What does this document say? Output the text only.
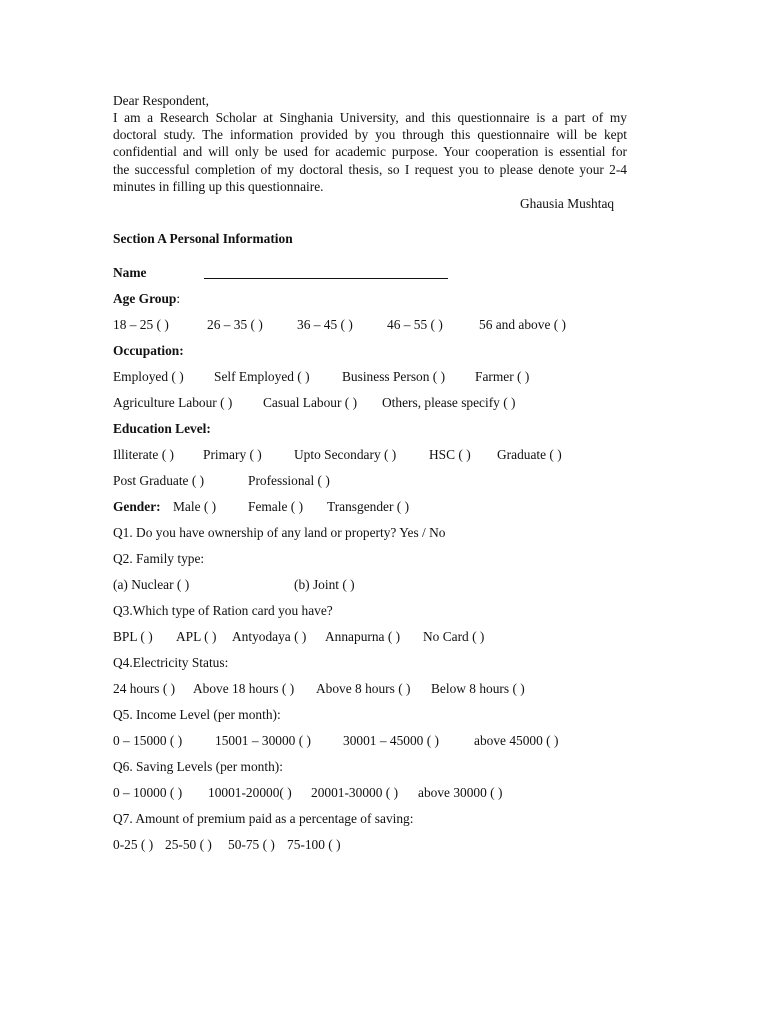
Dear Respondent,
I am a Research Scholar at Singhania University, and this questionnaire is a part of my
doctoral study. The information provided by you through this questionnaire will be kept
confidential and will only be used for academic purpose. Your cooperation is essential for
the successful completion of my doctoral thesis, so I request you to please denote your 2-4
minutes in filling up this questionnaire.
Ghausia Mushtaq
Section A Personal Information
Name
Age Group:
18 – 25 ( )	26 – 35 ( )	36 – 45 ( )	46 – 55 ( )	56 and above ( )
Occupation:
Employed ( ) Self Employed ( ) Business Person ( ) Farmer ( )
Agriculture Labour ( ) Casual Labour ( ) Others, please specify ( )
Education Level:
Illiterate ( ) Primary ( ) Upto Secondary ( ) HSC ( ) Graduate ( )
Post Graduate ( )	Professional ( )
Gender: Male ( ) Female ( ) Transgender ( )
Q1. Do you have ownership of any land or property? Yes / No
Q2. Family type:
(a) Nuclear ( )	(b) Joint ( )
Q3.Which type of Ration card you have?
BPL ( ) APL ( ) Antyodaya ( ) Annapurna ( ) No Card ( )
Q4.Electricity Status:
24 hours ( ) Above 18 hours ( ) Above 8 hours ( ) Below 8 hours ( )
Q5. Income Level (per month):
0 – 15000 ( ) 15001 – 30000 ( ) 30001 – 45000 ( )	above 45000 ( )
Q6. Saving Levels (per month):
0 – 10000 ( ) 10001-20000( ) 20001-30000 ( ) above 30000 ( )
Q7. Amount of premium paid as a percentage of saving:
0-25 ( ) 25-50 ( ) 50-75 ( ) 75-100 ( )
